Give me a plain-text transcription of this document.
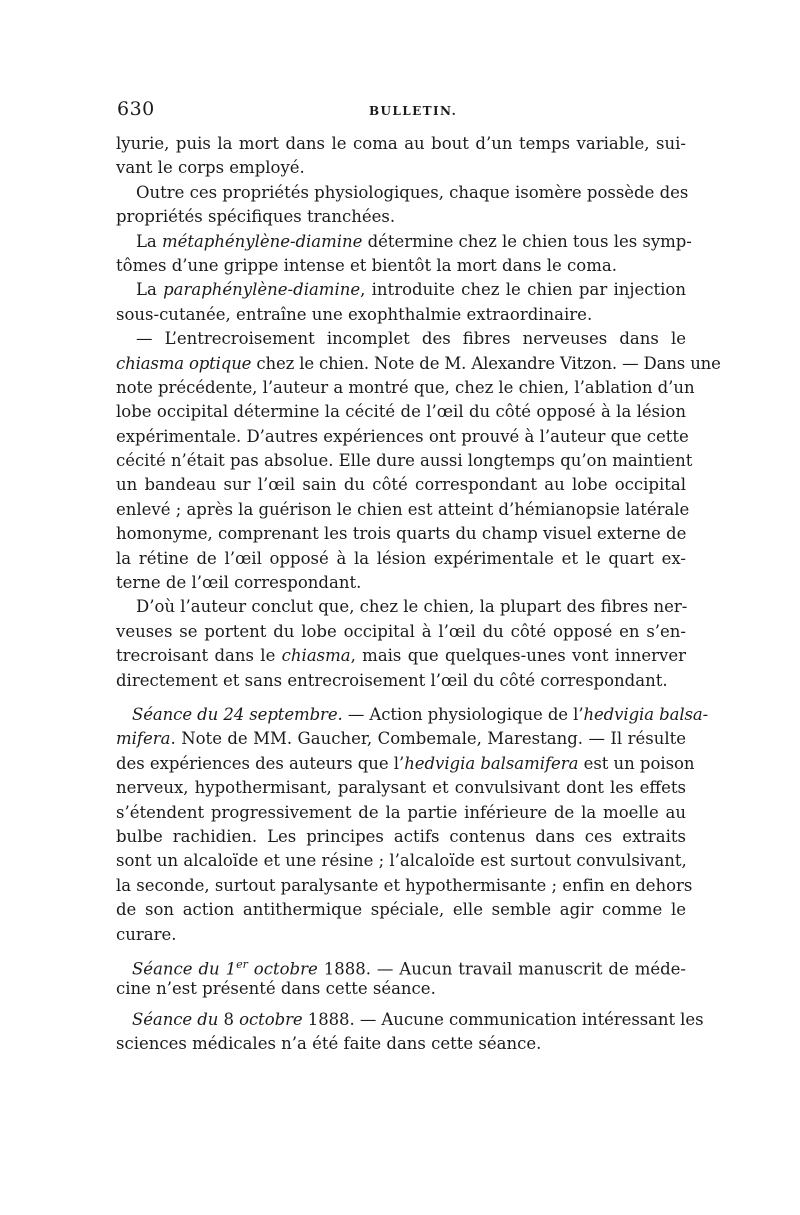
630	BULLETIN.
lyurie, puis la mort dans le coma au bout d’un temps variable, sui-
vant le corps employé.
Outre ces propriétés physiologiques, chaque isomère possède des
propriétés spécifiques tranchées.
La métaphénylène-diamine détermine chez le chien tous les symp-
tômes d’une grippe intense et bientôt la mort dans le coma.
La paraphénylène-diamine, introduite chez le chien par injection
sous-cutanée, entraîne une exophthalmie extraordinaire.
— L’entrecroisement incomplet des fibres nerveuses dans le
chiasma optique chez le chien. Note de M. Alexandre Vitzon. — Dans une
note précédente, l’auteur a montré que, chez le chien, l’ablation d’un
lobe occipital détermine la cécité de l’œil du côté opposé à la lésion
expérimentale. D’autres expériences ont prouvé à l’auteur que cette
cécité n’était pas absolue. Elle dure aussi longtemps qu’on maintient
un bandeau sur l’œil sain du côté correspondant au lobe occipital
enlevé ; après la guérison le chien est atteint d’hémianopsie latérale
homonyme, comprenant les trois quarts du champ visuel externe de
la rétine de l’œil opposé à la lésion expérimentale et le quart ex-
terne de l’œil correspondant.
D’où l’auteur conclut que, chez le chien, la plupart des fibres ner-
veuses se portent du lobe occipital à l’œil du côté opposé en s’en-
trecroisant dans le chiasma, mais que quelques-unes vont innerver
directement et sans entrecroisement l’œil du côté correspondant.
Séance du 24 septembre. — Action physiologique de l’hedvigia balsa-
mifera. Note de MM. Gaucher, Combemale, Marestang. — Il résulte
des expériences des auteurs que l’hedvigia balsamifera est un poison
nerveux, hypothermisant, paralysant et convulsivant dont les effets
s’étendent progressivement de la partie inférieure de la moelle au
bulbe rachidien. Les principes actifs contenus dans ces extraits
sont un alcaloïde et une résine ; l’alcaloïde est surtout convulsivant,
la seconde, surtout paralysante et hypothermisante ; enfin en dehors
de son action antithermique spéciale, elle semble agir comme le
curare.
Séance du 1er octobre 1888. — Aucun travail manuscrit de méde-
cine n’est présenté dans cette séance.
Séance du 8 octobre 1888. — Aucune communication intéressant les
sciences médicales n’a été faite dans cette séance.
